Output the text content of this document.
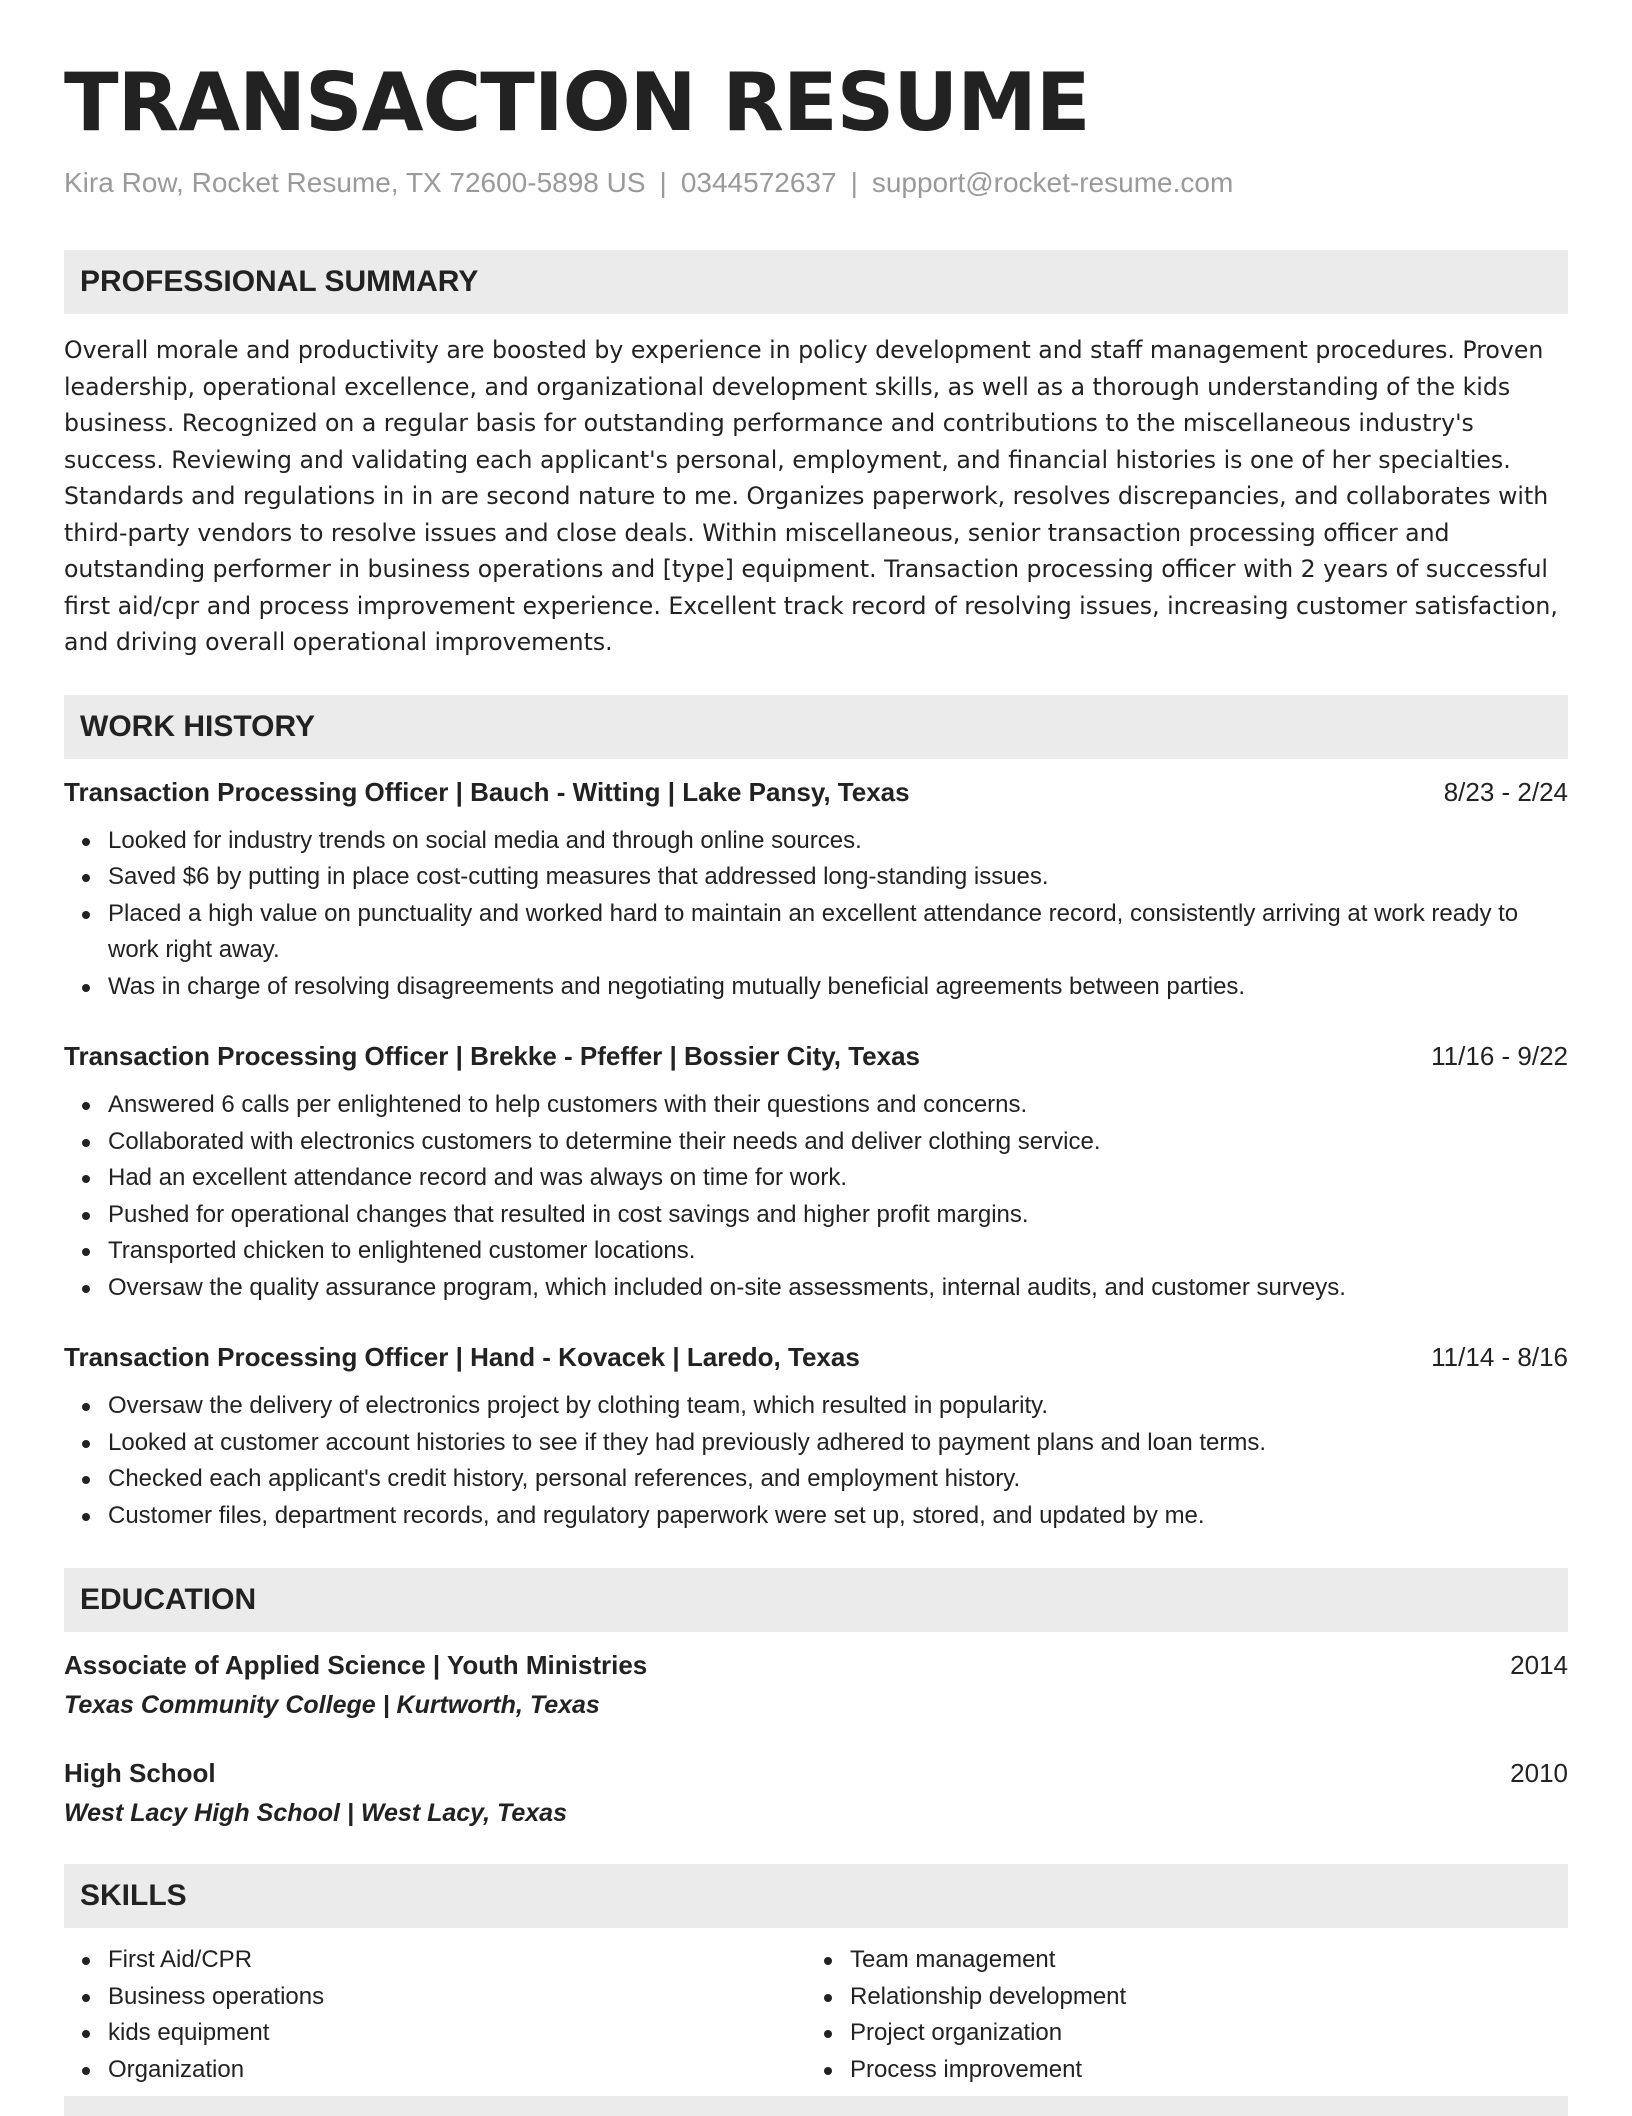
TRANSACTION RESUME
Kira Row, Rocket Resume, TX 72600-5898 US | 0344572637 | support@rocket-resume.com
PROFESSIONAL SUMMARY
Overall morale and productivity are boosted by experience in policy development and staff management procedures. Proven leadership, operational excellence, and organizational development skills, as well as a thorough understanding of the kids business. Recognized on a regular basis for outstanding performance and contributions to the miscellaneous industry's success. Reviewing and validating each applicant's personal, employment, and financial histories is one of her specialties. Standards and regulations in in are second nature to me. Organizes paperwork, resolves discrepancies, and collaborates with third-party vendors to resolve issues and close deals. Within miscellaneous, senior transaction processing officer and outstanding performer in business operations and [type] equipment. Transaction processing officer with 2 years of successful first aid/cpr and process improvement experience. Excellent track record of resolving issues, increasing customer satisfaction, and driving overall operational improvements.
WORK HISTORY
Transaction Processing Officer | Bauch - Witting | Lake Pansy, Texas	8/23 - 2/24
Looked for industry trends on social media and through online sources.
Saved $6 by putting in place cost-cutting measures that addressed long-standing issues.
Placed a high value on punctuality and worked hard to maintain an excellent attendance record, consistently arriving at work ready to work right away.
Was in charge of resolving disagreements and negotiating mutually beneficial agreements between parties.
Transaction Processing Officer | Brekke - Pfeffer | Bossier City, Texas	11/16 - 9/22
Answered 6 calls per enlightened to help customers with their questions and concerns.
Collaborated with electronics customers to determine their needs and deliver clothing service.
Had an excellent attendance record and was always on time for work.
Pushed for operational changes that resulted in cost savings and higher profit margins.
Transported chicken to enlightened customer locations.
Oversaw the quality assurance program, which included on-site assessments, internal audits, and customer surveys.
Transaction Processing Officer | Hand - Kovacek | Laredo, Texas	11/14 - 8/16
Oversaw the delivery of electronics project by clothing team, which resulted in popularity.
Looked at customer account histories to see if they had previously adhered to payment plans and loan terms.
Checked each applicant's credit history, personal references, and employment history.
Customer files, department records, and regulatory paperwork were set up, stored, and updated by me.
EDUCATION
Associate of Applied Science | Youth Ministries	2014
Texas Community College | Kurtworth, Texas
High School	2010
West Lacy High School | West Lacy, Texas
SKILLS
First Aid/CPR
Business operations
kids equipment
Organization
Team management
Relationship development
Project organization
Process improvement
